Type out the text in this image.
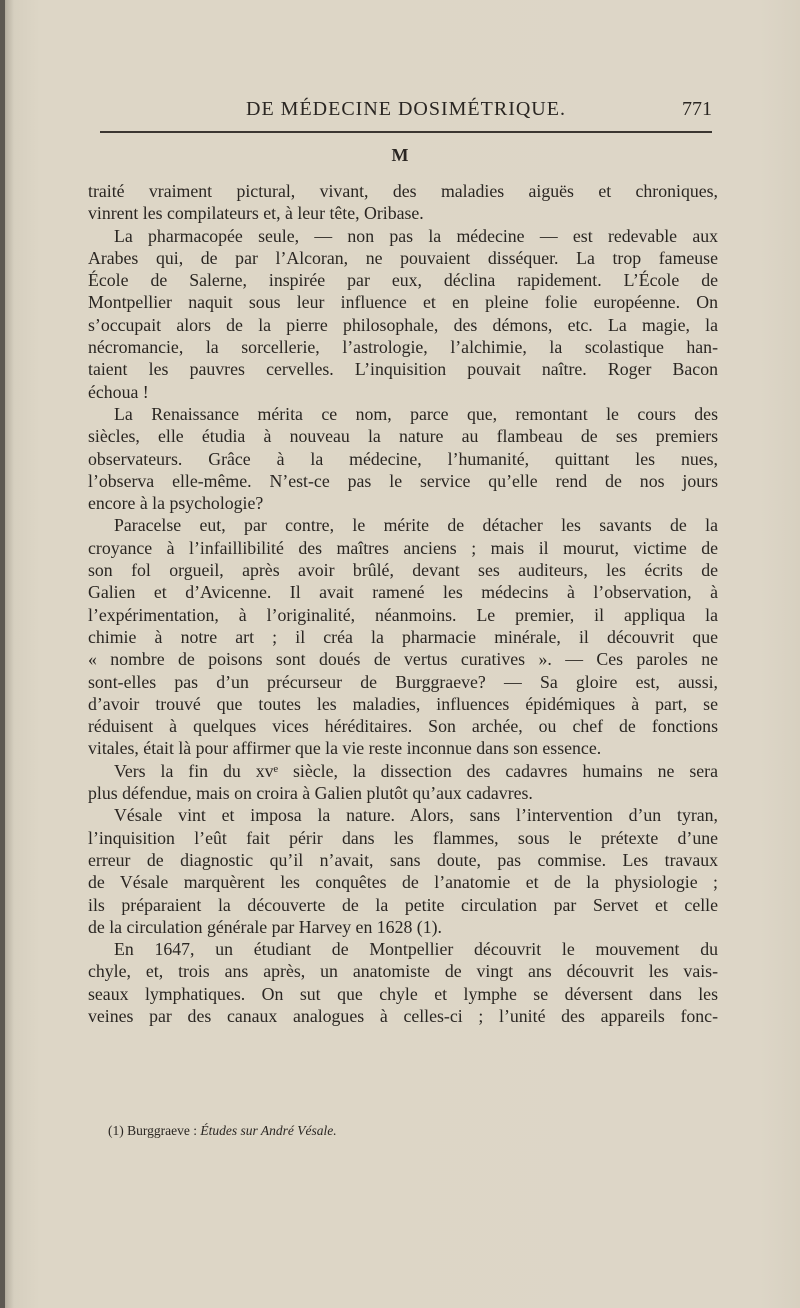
DE MÉDECINE DOSIMÉTRIQUE.	771
M
traité vraiment pictural, vivant, des maladies aiguës et chroniques,
vinrent les compilateurs et, à leur tête, Oribase.
La pharmacopée seule, — non pas la médecine — est redevable aux
Arabes qui, de par l’Alcoran, ne pouvaient disséquer. La trop fameuse
École de Salerne, inspirée par eux, déclina rapidement. L’École de
Montpellier naquit sous leur influence et en pleine folie européenne. On
s’occupait alors de la pierre philosophale, des démons, etc. La magie, la
nécromancie, la sorcellerie, l’astrologie, l’alchimie, la scolastique han-
taient les pauvres cervelles. L’inquisition pouvait naître. Roger Bacon
échoua !
La Renaissance mérita ce nom, parce que, remontant le cours des
siècles, elle étudia à nouveau la nature au flambeau de ses premiers
observateurs. Grâce à la médecine, l’humanité, quittant les nues,
l’observa elle-même. N’est-ce pas le service qu’elle rend de nos jours
encore à la psychologie?
Paracelse eut, par contre, le mérite de détacher les savants de la
croyance à l’infaillibilité des maîtres anciens ; mais il mourut, victime de
son fol orgueil, après avoir brûlé, devant ses auditeurs, les écrits de
Galien et d’Avicenne. Il avait ramené les médecins à l’observation, à
l’expérimentation, à l’originalité, néanmoins. Le premier, il appliqua la
chimie à notre art ; il créa la pharmacie minérale, il découvrit que
« nombre de poisons sont doués de vertus curatives ». — Ces paroles ne
sont-elles pas d’un précurseur de Burggraeve? — Sa gloire est, aussi,
d’avoir trouvé que toutes les maladies, influences épidémiques à part, se
réduisent à quelques vices héréditaires. Son archée, ou chef de fonctions
vitales, était là pour affirmer que la vie reste inconnue dans son essence.
Vers la fin du xvᵉ siècle, la dissection des cadavres humains ne sera
plus défendue, mais on croira à Galien plutôt qu’aux cadavres.
Vésale vint et imposa la nature. Alors, sans l’intervention d’un tyran,
l’inquisition l’eût fait périr dans les flammes, sous le prétexte d’une
erreur de diagnostic qu’il n’avait, sans doute, pas commise. Les travaux
de Vésale marquèrent les conquêtes de l’anatomie et de la physiologie ;
ils préparaient la découverte de la petite circulation par Servet et celle
de la circulation générale par Harvey en 1628 (1).
En 1647, un étudiant de Montpellier découvrit le mouvement du
chyle, et, trois ans après, un anatomiste de vingt ans découvrit les vais-
seaux lymphatiques. On sut que chyle et lymphe se déversent dans les
veines par des canaux analogues à celles-ci ; l’unité des appareils fonc-
(1) Burggraeve : Études sur André Vésale.
